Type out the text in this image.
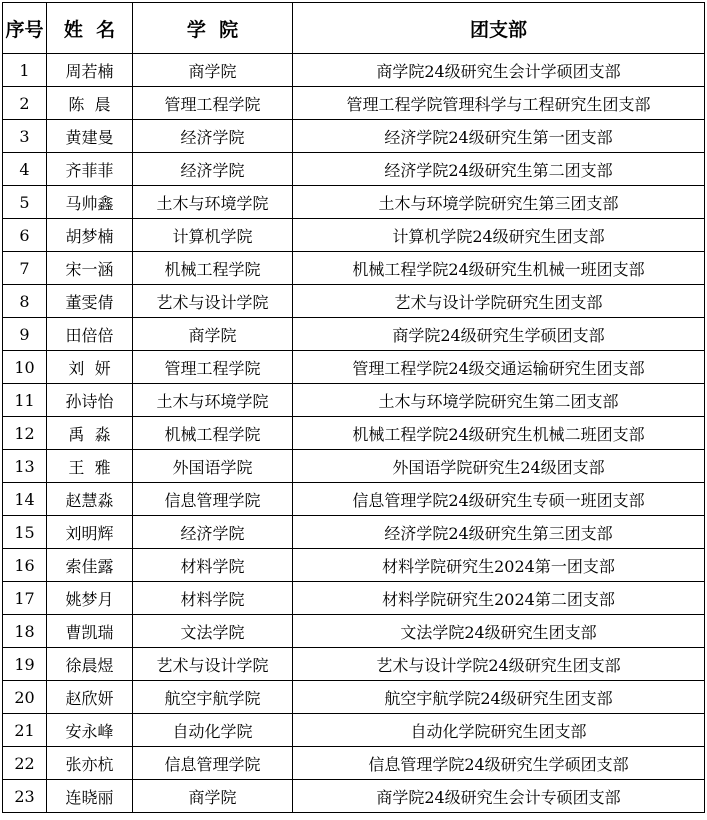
序号	姓  名	学  院	团支部
1	周若楠	商学院	商学院24级研究生会计学硕团支部
2	陈  晨	管理工程学院	管理工程学院管理科学与工程研究生团支部
3	黄建曼	经济学院	经济学院24级研究生第一团支部
4	齐菲菲	经济学院	经济学院24级研究生第二团支部
5	马帅鑫	土木与环境学院	土木与环境学院研究生第三团支部
6	胡梦楠	计算机学院	计算机学院24级研究生团支部
7	宋一涵	机械工程学院	机械工程学院24级研究生机械一班团支部
8	董雯倩	艺术与设计学院	艺术与设计学院研究生团支部
9	田倍倍	商学院	商学院24级研究生学硕团支部
10	刘  妍	管理工程学院	管理工程学院24级交通运输研究生团支部
11	孙诗怡	土木与环境学院	土木与环境学院研究生第二团支部
12	禹  淼	机械工程学院	机械工程学院24级研究生机械二班团支部
13	王  雅	外国语学院	外国语学院研究生24级团支部
14	赵慧淼	信息管理学院	信息管理学院24级研究生专硕一班团支部
15	刘明辉	经济学院	经济学院24级研究生第三团支部
16	索佳露	材料学院	材料学院研究生2024第一团支部
17	姚梦月	材料学院	材料学院研究生2024第二团支部
18	曹凯瑞	文法学院	文法学院24级研究生团支部
19	徐晨煜	艺术与设计学院	艺术与设计学院24级研究生团支部
20	赵欣妍	航空宇航学院	航空宇航学院24级研究生团支部
21	安永峰	自动化学院	自动化学院研究生团支部
22	张亦杭	信息管理学院	信息管理学院24级研究生学硕团支部
23	连晓丽	商学院	商学院24级研究生会计专硕团支部
